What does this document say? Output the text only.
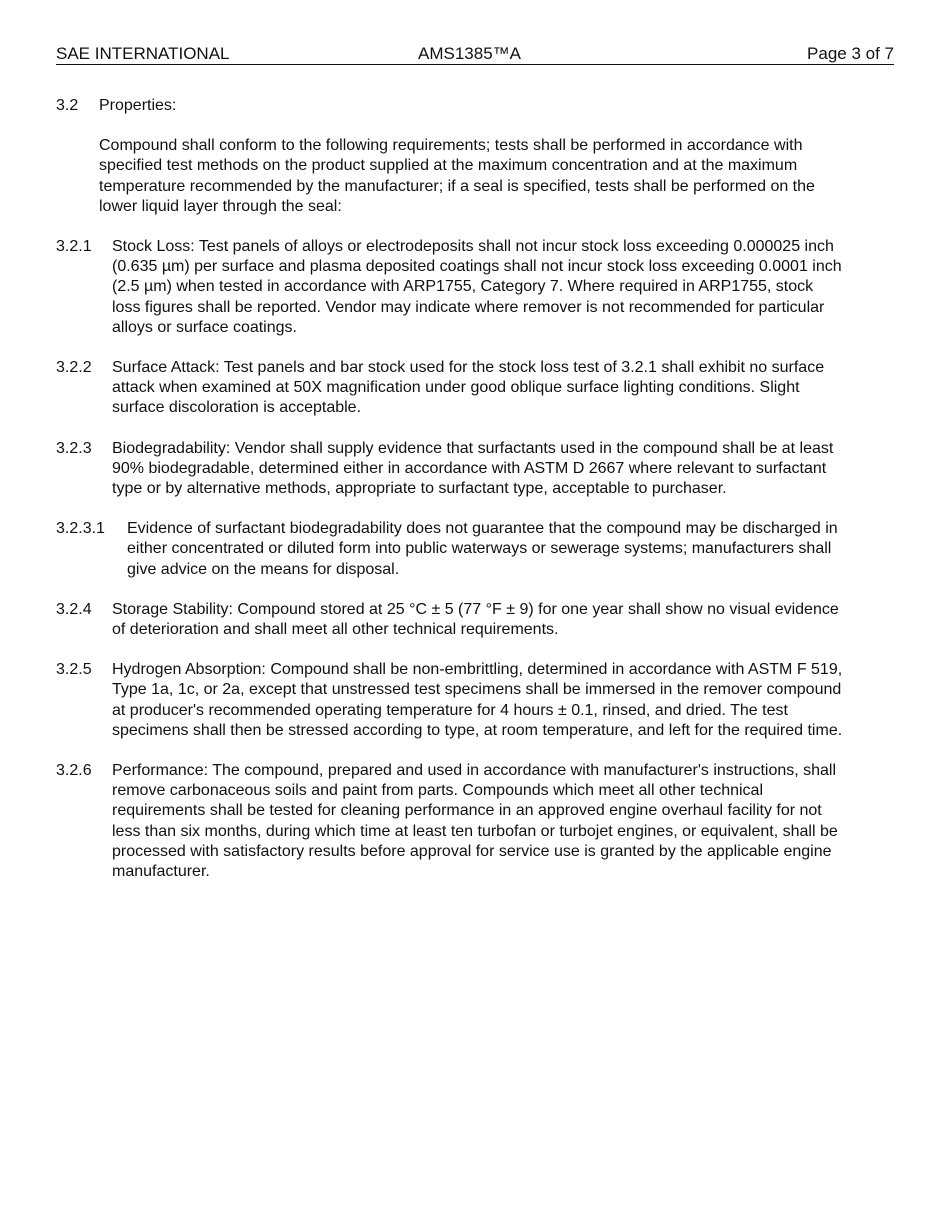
SAE INTERNATIONAL	AMS1385™A	Page 3 of 7
3.2	Properties:
Compound shall conform to the following requirements; tests shall be performed in accordance with specified test methods on the product supplied at the maximum concentration and at the maximum temperature recommended by the manufacturer; if a seal is specified, tests shall be performed on the lower liquid layer through the seal:
3.2.1	Stock Loss: Test panels of alloys or electrodeposits shall not incur stock loss exceeding 0.000025 inch (0.635 µm) per surface and plasma deposited coatings shall not incur stock loss exceeding 0.0001 inch (2.5 µm) when tested in accordance with ARP1755, Category 7. Where required in ARP1755, stock loss figures shall be reported. Vendor may indicate where remover is not recommended for particular alloys or surface coatings.
3.2.2	Surface Attack: Test panels and bar stock used for the stock loss test of 3.2.1 shall exhibit no surface attack when examined at 50X magnification under good oblique surface lighting conditions. Slight surface discoloration is acceptable.
3.2.3	Biodegradability: Vendor shall supply evidence that surfactants used in the compound shall be at least 90% biodegradable, determined either in accordance with ASTM D 2667 where relevant to surfactant type or by alternative methods, appropriate to surfactant type, acceptable to purchaser.
3.2.3.1	Evidence of surfactant biodegradability does not guarantee that the compound may be discharged in either concentrated or diluted form into public waterways or sewerage systems; manufacturers shall give advice on the means for disposal.
3.2.4	Storage Stability: Compound stored at 25 °C ± 5 (77 °F ± 9) for one year shall show no visual evidence of deterioration and shall meet all other technical requirements.
3.2.5	Hydrogen Absorption: Compound shall be non-embrittling, determined in accordance with ASTM F 519, Type 1a, 1c, or 2a, except that unstressed test specimens shall be immersed in the remover compound at producer's recommended operating temperature for 4 hours ± 0.1, rinsed, and dried. The test specimens shall then be stressed according to type, at room temperature, and left for the required time.
3.2.6	Performance: The compound, prepared and used in accordance with manufacturer's instructions, shall remove carbonaceous soils and paint from parts. Compounds which meet all other technical requirements shall be tested for cleaning performance in an approved engine overhaul facility for not less than six months, during which time at least ten turbofan or turbojet engines, or equivalent, shall be processed with satisfactory results before approval for service use is granted by the applicable engine manufacturer.
